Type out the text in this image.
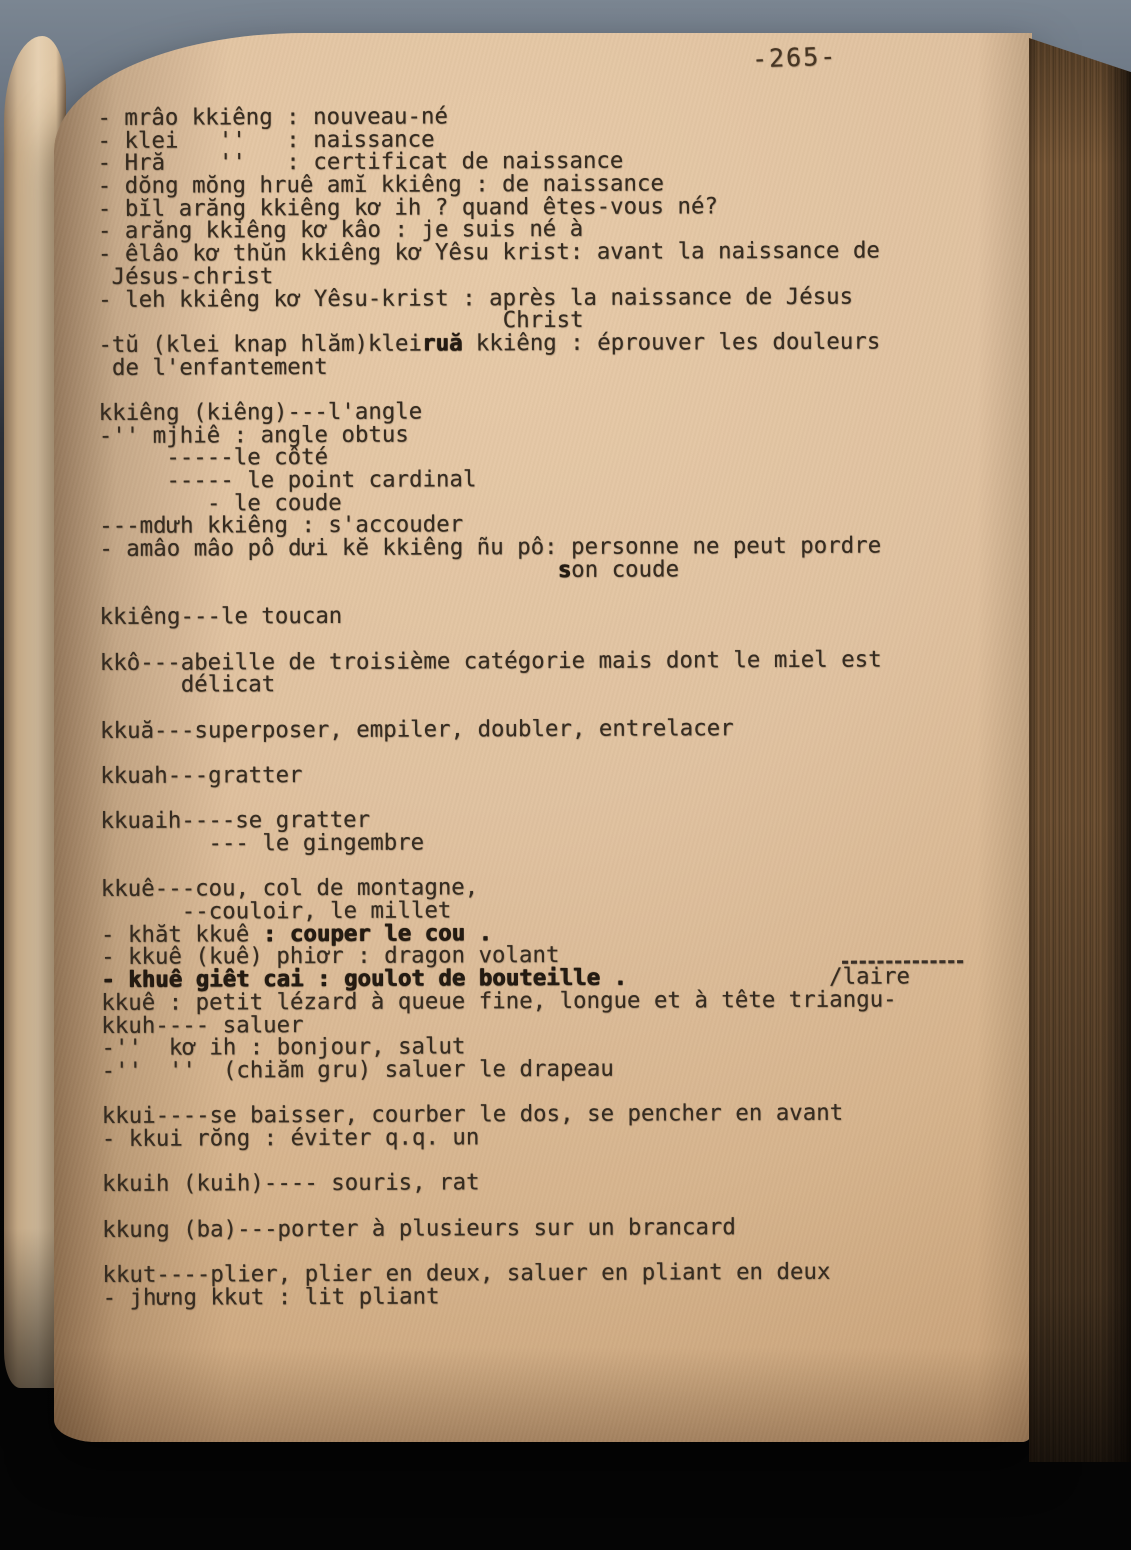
-265-
- mrâo kkiêng : nouveau-né
- klei   ''   : naissance
- Hră    ''   : certificat de naissance
- dŏng mŏng hruê amĭ kkiêng : de naissance
- bĭl arăng kkiêng kơ ih ? quand êtes-vous né?
- arăng kkiêng kơ kâo : je suis né à
- êlâo kơ thŭn kkiêng kơ Yêsu krist: avant la naissance de
Jésus-christ
- leh kkiêng kơ Yêsu-krist : après la naissance de Jésus
Christ
-tŭ (klei knap hlăm)kleiruă kkiêng : éprouver les douleurs
de l'enfantement

kkiêng (kiêng)---l'angle
-'' mjhiê : angle obtus
-----le côté
----- le point cardinal
- le coude
---mdưh kkiêng : s'accouder
- amâo mâo pô dưi kĕ kkiêng ñu pô: personne ne peut pordre
son coude

kkiêng---le toucan

kkô---abeille de troisième catégorie mais dont le miel est
délicat

kkuă---superposer, empiler, doubler, entrelacer

kkuah---gratter

kkuaih----se gratter
--- le gingembre

kkuê---cou, col de montagne,
--couloir, le millet
- khăt kkuê : couper le cou .
- kkuê (kuê) phiơr : dragon volant
- khuê giêt cai : goulot de bouteille .               /laire
kkuê : petit lézard à queue fine, longue et à tête triangu-
kkuh---- saluer
-''  kơ ih : bonjour, salut
-''  ''  (chiăm gru) saluer le drapeau

kkui----se baisser, courber le dos, se pencher en avant
- kkui rŏng : éviter q.q. un

kkuih (kuih)---- souris, rat

kkung (ba)---porter à plusieurs sur un brancard

kkut----plier, plier en deux, saluer en pliant en deux
- jhưng kkut : lit pliant
